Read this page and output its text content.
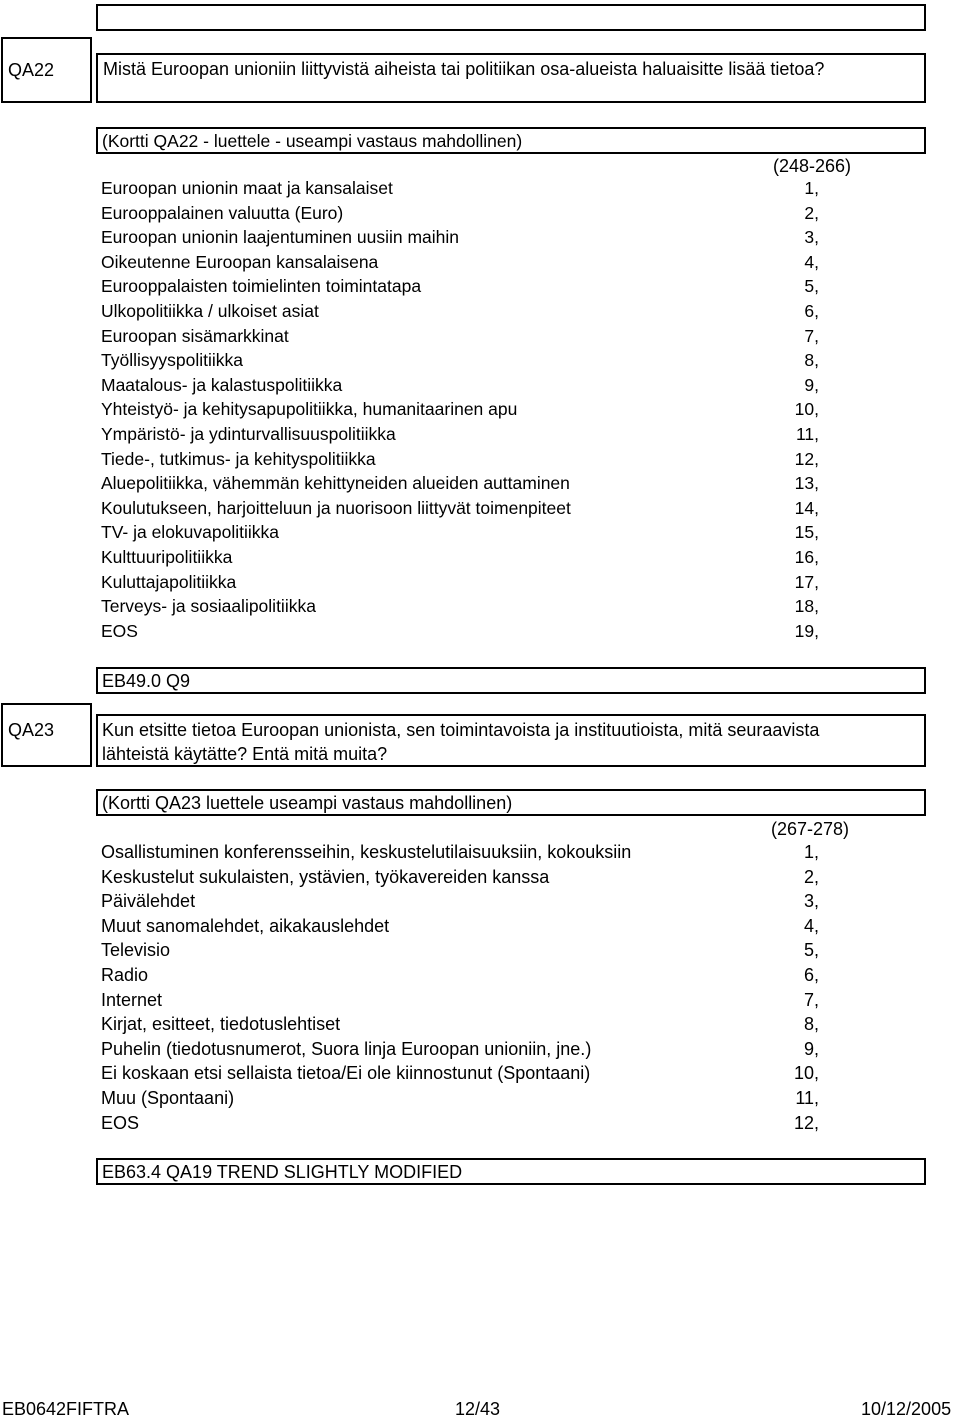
QA22	Mistä Euroopan unioniin liittyvistä aiheista tai politiikan osa-alueista haluaisitte lisää tietoa?
(Kortti QA22 - luettele - useampi vastaus mahdollinen)
(248-266)
Euroopan unionin maat ja kansalaiset	1,
Eurooppalainen valuutta (Euro)	2,
Euroopan unionin laajentuminen uusiin maihin	3,
Oikeutenne Euroopan kansalaisena	4,
Eurooppalaisten toimielinten toimintatapa	5,
Ulkopolitiikka / ulkoiset asiat	6,
Euroopan sisämarkkinat	7,
Työllisyyspolitiikka	8,
Maatalous- ja kalastuspolitiikka	9,
Yhteistyö- ja kehitysapupolitiikka, humanitaarinen apu	10,
Ympäristö- ja ydinturvallisuuspolitiikka	11,
Tiede-, tutkimus- ja kehityspolitiikka	12,
Aluepolitiikka, vähemmän kehittyneiden alueiden auttaminen	13,
Koulutukseen, harjoitteluun ja nuorisoon liittyvät toimenpiteet	14,
TV- ja elokuvapolitiikka	15,
Kulttuuripolitiikka	16,
Kuluttajapolitiikka	17,
Terveys- ja sosiaalipolitiikka	18,
EOS	19,
EB49.0 Q9
QA23	Kun etsitte tietoa Euroopan unionista, sen toimintavoista ja instituutioista, mitä seuraavista
lähteistä käytätte? Entä mitä muita?
(Kortti QA23 luettele useampi vastaus mahdollinen)
(267-278)
Osallistuminen konferensseihin, keskustelutilaisuuksiin, kokouksiin	1,
Keskustelut sukulaisten, ystävien, työkavereiden kanssa	2,
Päivälehdet	3,
Muut sanomalehdet, aikakauslehdet	4,
Televisio	5,
Radio	6,
Internet	7,
Kirjat, esitteet, tiedotuslehtiset	8,
Puhelin (tiedotusnumerot, Suora linja Euroopan unioniin, jne.)	9,
Ei koskaan etsi sellaista tietoa/Ei ole kiinnostunut (Spontaani)	10,
Muu (Spontaani)	11,
EOS	12,
EB63.4 QA19 TREND SLIGHTLY MODIFIED
EB0642FIFTRA	12/43	10/12/2005
